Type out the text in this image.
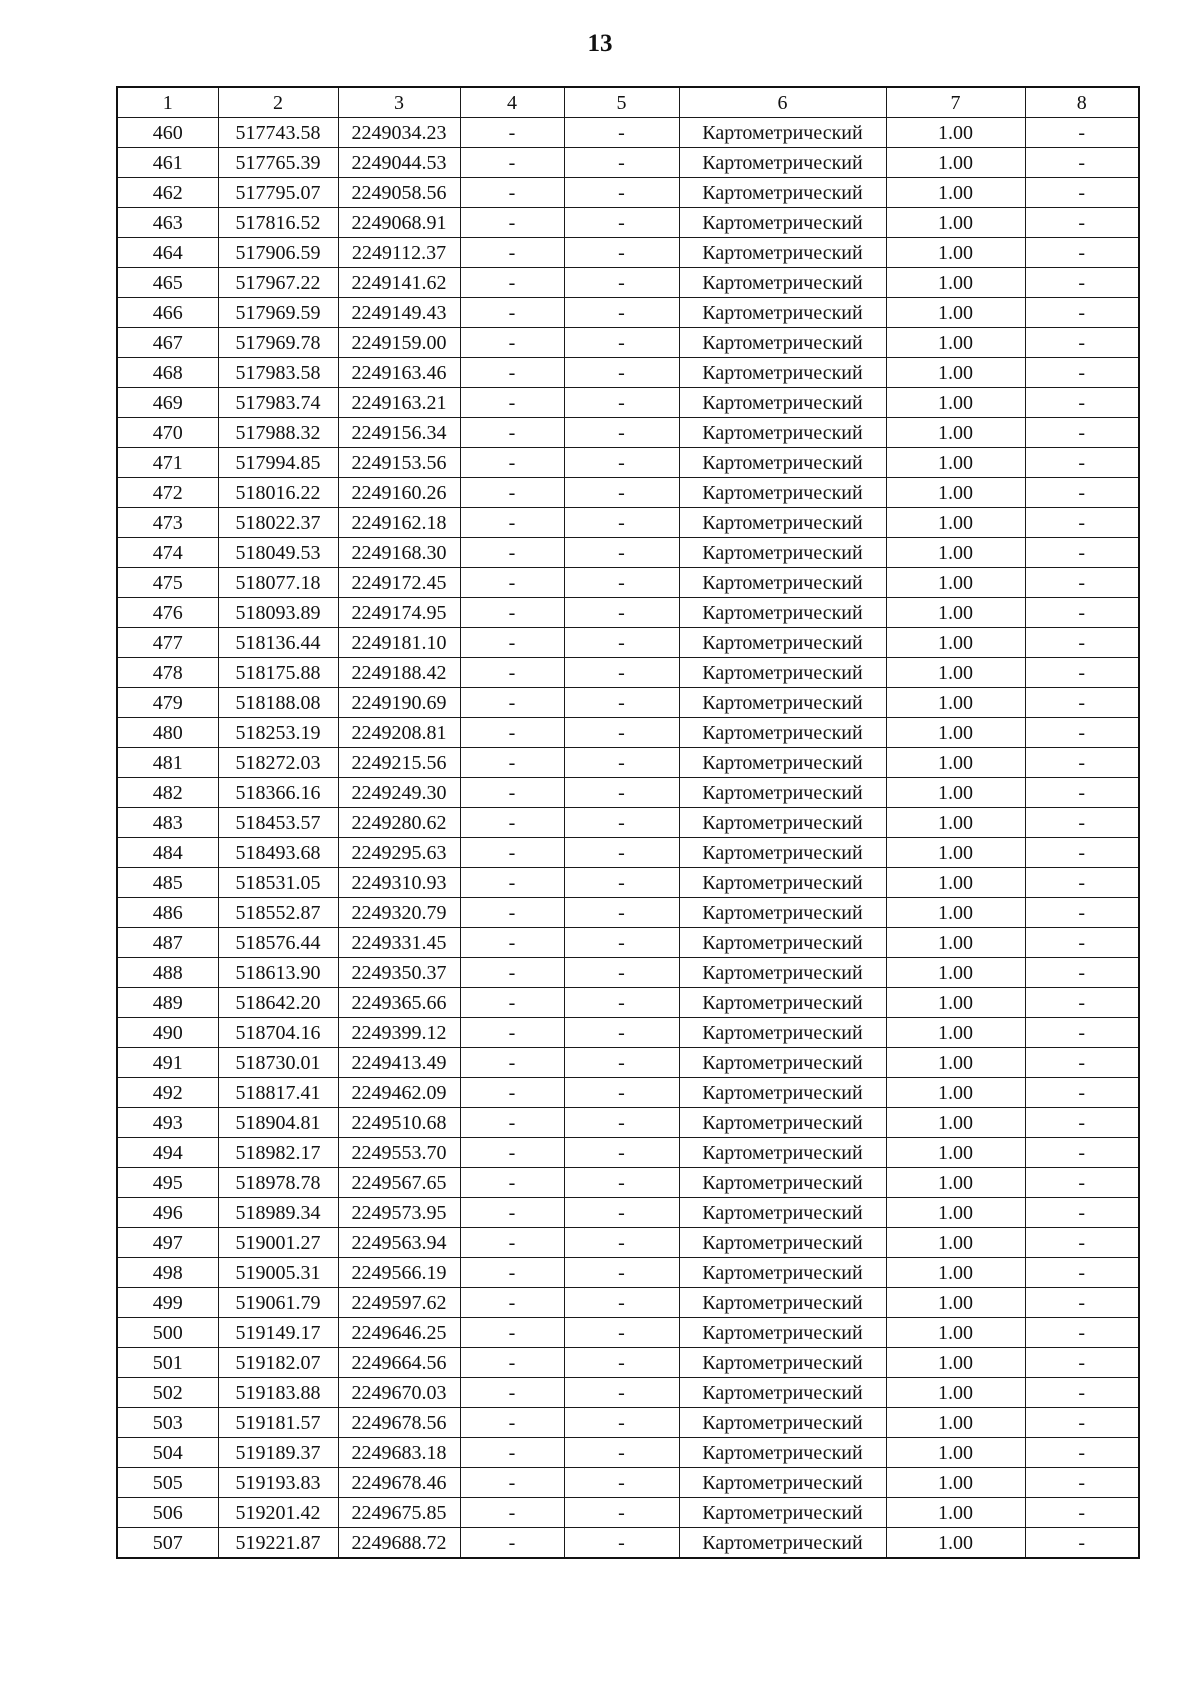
13
1	2	3	4	5	6	7	8
460	517743.58	2249034.23	-	-	Картометрический	1.00	-
461	517765.39	2249044.53	-	-	Картометрический	1.00	-
462	517795.07	2249058.56	-	-	Картометрический	1.00	-
463	517816.52	2249068.91	-	-	Картометрический	1.00	-
464	517906.59	2249112.37	-	-	Картометрический	1.00	-
465	517967.22	2249141.62	-	-	Картометрический	1.00	-
466	517969.59	2249149.43	-	-	Картометрический	1.00	-
467	517969.78	2249159.00	-	-	Картометрический	1.00	-
468	517983.58	2249163.46	-	-	Картометрический	1.00	-
469	517983.74	2249163.21	-	-	Картометрический	1.00	-
470	517988.32	2249156.34	-	-	Картометрический	1.00	-
471	517994.85	2249153.56	-	-	Картометрический	1.00	-
472	518016.22	2249160.26	-	-	Картометрический	1.00	-
473	518022.37	2249162.18	-	-	Картометрический	1.00	-
474	518049.53	2249168.30	-	-	Картометрический	1.00	-
475	518077.18	2249172.45	-	-	Картометрический	1.00	-
476	518093.89	2249174.95	-	-	Картометрический	1.00	-
477	518136.44	2249181.10	-	-	Картометрический	1.00	-
478	518175.88	2249188.42	-	-	Картометрический	1.00	-
479	518188.08	2249190.69	-	-	Картометрический	1.00	-
480	518253.19	2249208.81	-	-	Картометрический	1.00	-
481	518272.03	2249215.56	-	-	Картометрический	1.00	-
482	518366.16	2249249.30	-	-	Картометрический	1.00	-
483	518453.57	2249280.62	-	-	Картометрический	1.00	-
484	518493.68	2249295.63	-	-	Картометрический	1.00	-
485	518531.05	2249310.93	-	-	Картометрический	1.00	-
486	518552.87	2249320.79	-	-	Картометрический	1.00	-
487	518576.44	2249331.45	-	-	Картометрический	1.00	-
488	518613.90	2249350.37	-	-	Картометрический	1.00	-
489	518642.20	2249365.66	-	-	Картометрический	1.00	-
490	518704.16	2249399.12	-	-	Картометрический	1.00	-
491	518730.01	2249413.49	-	-	Картометрический	1.00	-
492	518817.41	2249462.09	-	-	Картометрический	1.00	-
493	518904.81	2249510.68	-	-	Картометрический	1.00	-
494	518982.17	2249553.70	-	-	Картометрический	1.00	-
495	518978.78	2249567.65	-	-	Картометрический	1.00	-
496	518989.34	2249573.95	-	-	Картометрический	1.00	-
497	519001.27	2249563.94	-	-	Картометрический	1.00	-
498	519005.31	2249566.19	-	-	Картометрический	1.00	-
499	519061.79	2249597.62	-	-	Картометрический	1.00	-
500	519149.17	2249646.25	-	-	Картометрический	1.00	-
501	519182.07	2249664.56	-	-	Картометрический	1.00	-
502	519183.88	2249670.03	-	-	Картометрический	1.00	-
503	519181.57	2249678.56	-	-	Картометрический	1.00	-
504	519189.37	2249683.18	-	-	Картометрический	1.00	-
505	519193.83	2249678.46	-	-	Картометрический	1.00	-
506	519201.42	2249675.85	-	-	Картометрический	1.00	-
507	519221.87	2249688.72	-	-	Картометрический	1.00	-
